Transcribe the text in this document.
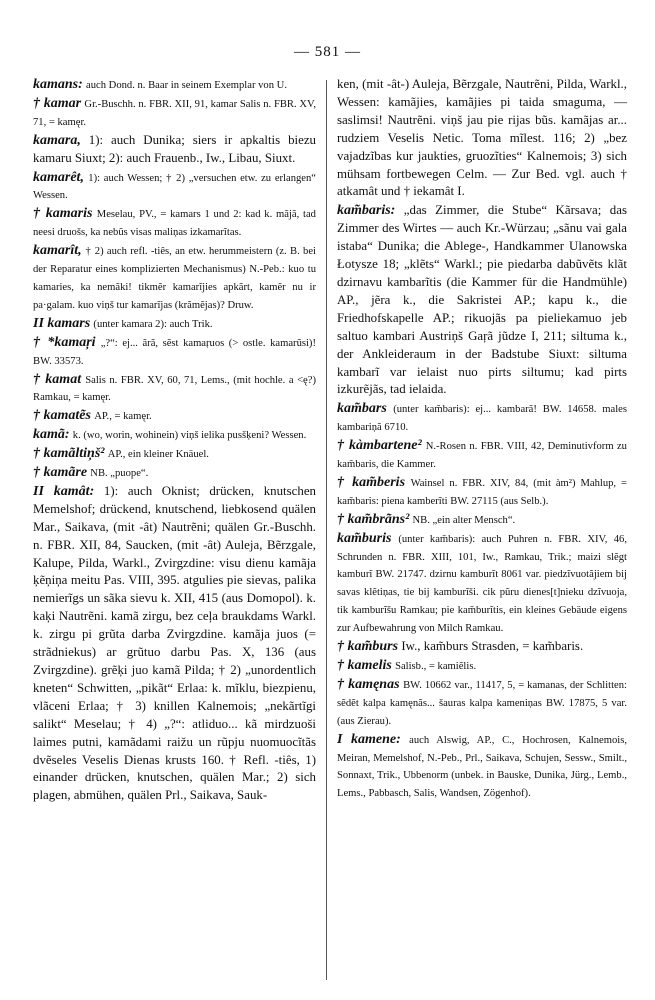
— 581 —
kamans: auch Dond. n. Baar in seinem Exemplar von U.
† kamar Gr.-Buschh. n. FBR. XII, 91, kamar Salis n. FBR. XV, 71, = kamęr.
kamara, 1): auch Dunika; siers ir apkaltis biezu kamaru Siuxt; 2): auch Frauenb., Iw., Libau, Siuxt.
kamarêt, 1): auch Wessen; † 2) „versuchen etw. zu erlangen“ Wessen.
† kamaris Meselau, PV., = kamars 1 und 2: kad k. mãjã, tad neesi druošs, ka nebũs visas maliņas izkamarĩtas.
kamarît, † 2) auch refl. -tiês, an etw. herummeistern (z. B. bei der Reparatur eines komplizierten Mechanismus) N.-Peb.: kuo tu kamaries, ka nemãki! tikmẽr kamarĩjies apkãrt, kamẽr nu ir pa·galam. kuo viņš tur kamarĩjas (krãmẽjas)? Druw.
II kamars (unter kamara 2): auch Trik.
† *kamaŗi „?“: ej... ãrã, sẽst kamaŗuos (> ostle. kamarũsi)! BW. 33573.
† kamat Salis n. FBR. XV, 60, 71, Lems., (mit hochle. a <ę?) Ramkau, = kamęr.
† kamatẽs AP., = kamęr.
kamã: k. (wo, worin, wohinein) viņš ielika pusšķeni? Wessen.
† kamãltiņš² AP., ein kleiner Knäuel.
† kamãre NB. „puope“.
II kamât: 1): auch Oknist; drücken, knutschen Memelshof; drückend, knutschend, liebkosend quälen Mar., Saikava, (mit -ât) Nautrẽni; quälen Gr.-Buschh. n. FBR. XII, 84, Saucken, (mit -ât) Auleja, Bẽrzgale, Kalupe, Pilda, Warkl., Zvirgzdine: visu dienu kamãja ķẽņiņa meitu Pas. VIII, 395. atgulies pie sievas, palika nemierĩgs un sãka sievu k. XII, 415 (aus Domopol). k. kaķi Nautrẽni. kamã zirgu, bez ceļa braukdams Warkl. k. zirgu pi grũta darba Zvirgzdine. kamãja juos (= strãdniekus) ar grũtuo darbu Pas. X, 136 (aus Zvirgzdine). grẽķi juo kamã Pilda; † 2) „unordentlich kneten“ Schwitten, „pikãt“ Erlaa: k. mĩklu, biezpienu, vlãceni Erlaa; † 3) knillen Kalnemois; „nekãrtĩgi salikt“ Meselau; † 4) „?“: atliduo... kã mirdzuoši laimes putni, kamãdami raižu un rũpju nuomuocĩtãs dvẽseles Veselis Dienas krusts 160. † Refl. -tiês, 1) einander drücken, knutschen, quälen Mar.; 2) sich plagen, abmühen, quälen Prl., Saikava, Sauk-
ken, (mit -ât-) Auleja, Bẽrzgale, Nautrẽni, Pilda, Warkl., Wessen: kamãjies, kamãjies pi taida smaguma, — saslimsi! Nautrẽni. viņš jau pie rijas bũs. kamãjas ar... rudziem Veselis Netic. Toma mĩlest. 116; 2) „bez vajadzĩbas kur jaukties, gruozĩties“ Kalnemois; 3) sich mühsam fortbewegen Celm. — Zur Bed. vgl. auch † atkamât und † iekamât I.
kam̃baris: „das Zimmer, die Stube“ Kãrsava; das Zimmer des Wirtes — auch Kr.-Würzau; „sãnu vai gala istaba“ Dunika; die Ablege-, Handkammer Ulanowska Łotysze 18; „klẽts“ Warkl.; pie piedarba dabũvẽts klãt dzirnavu kambarĩtis (die Kammer für die Handmühle) AP., jẽra k., die Sakristei AP.; kapu k., die Friedhofskapelle AP.; rikuojãs pa pieliekamuo jeb saltuo kambari Austriņš Gaŗã jũdze I, 211; siltuma k., der Ankleideraum in der Badstube Siuxt: siltuma kambarĩ var ielaist nuo pirts siltumu; kad pirts izkurẽjãs, tad ielaida.
kam̃bars (unter kam̃baris): ej... kambarã! BW. 14658. males kambariņã 6710.
† kàmbartene² N.-Rosen n. FBR. VIII, 42, Deminutivform zu kam̃baris, die Kammer.
† kam̃beris Wainsel n. FBR. XIV, 84, (mit àm²) Mahlup, = kam̃baris: piena kamberĩti BW. 27115 (aus Selb.).
† kam̃brãns² NB. „ein alter Mensch“.
kam̃buris (unter kam̃baris): auch Puhren n. FBR. XIV, 46, Schrunden n. FBR. XIII, 101, Iw., Ramkau, Trik.; maizi slẽgt kamburĩ BW. 21747. dzirnu kamburĩt 8061 var. piedzĩvuotãjiem bij savas klẽtiņas, tie bij kamburĩši. cik pũru dienes[t]nieku dzĩvuoja, tik kamburĩšu Ramkau; pie kam̃burĩtis, ein kleines Gebäude eigens zur Aufbewahrung von Milch Ramkau.
† kam̃burs Iw., kam̃burs Strasden, = kam̃baris.
† kamelis Salisb., = kamiẽlis.
† kamęnas BW. 10662 var., 11417, 5, = kamanas, der Schlitten: sẽdẽt kalpa kamęnãs... šauras kalpa kameniņas BW. 17875, 5 var. (aus Zierau).
I kamene: auch Alswig, AP., C., Hochrosen, Kalnemois, Meiran, Memelshof, N.-Peb., Prl., Saikava, Schujen, Sessw., Smilt., Sonnaxt, Trik., Ubbenorm (unbek. in Bauske, Dunika, Jürg., Lemb., Lems., Pabbasch, Salis, Wandsen, Zögenhof).
